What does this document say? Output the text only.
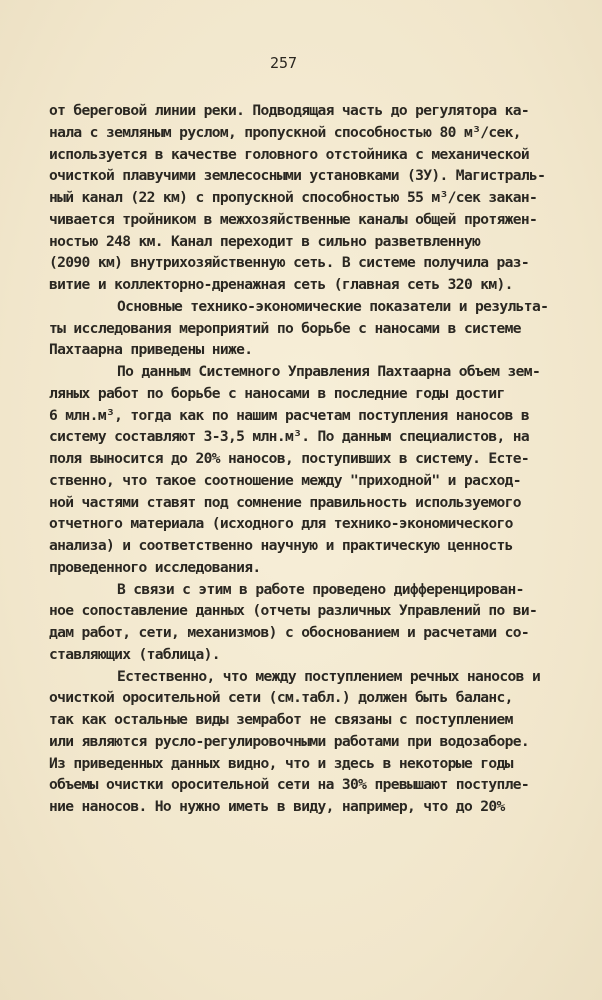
257
от береговой линии реки. Подводящая часть до регулятора ка-
нала с земляным руслом, пропускной способностью 80 м³/сек,
используется в качестве головного отстойника с механической
очисткой плавучими землесосными установками (ЗУ). Магистраль-
ный канал (22 км) с пропускной способностью 55 м³/сек закан-
чивается тройником в межхозяйственные каналы общей протяжен-
ностью 248 км. Канал переходит в сильно разветвленную
(2090 км) внутрихозяйственную сеть. В системе получила раз-
витие и коллекторно-дренажная сеть (главная сеть 320 км).
Основные технико-экономические показатели и результа-
ты исследования мероприятий по борьбе с наносами в системе
Пахтаарна приведены ниже.
По данным Системного Управления Пахтаарна объем зем-
ляных работ по борьбе с наносами в последние годы достиг
6 млн.м³, тогда как по нашим расчетам поступления наносов в
систему составляют 3-3,5 млн.м³. По данным специалистов, на
поля выносится до 20% наносов, поступивших в систему. Есте-
ственно, что такое соотношение между "приходной" и расход-
ной частями ставят под сомнение правильность используемого
отчетного материала (исходного для технико-экономического
анализа) и соответственно научную и практическую ценность
проведенного исследования.
В связи с этим в работе проведено дифференцирован-
ное сопоставление данных (отчеты различных Управлений по ви-
дам работ, сети, механизмов) с обоснованием и расчетами со-
ставляющих (таблица).
Естественно, что между поступлением речных наносов и
очисткой оросительной сети (см.табл.) должен быть баланс,
так как остальные виды земработ не связаны с поступлением
или являются русло-регулировочными работами при водозаборе.
Из приведенных данных видно, что и здесь в некоторые годы
объемы очистки оросительной сети на 30% превышают поступле-
ние наносов. Но нужно иметь в виду, например, что до 20%
